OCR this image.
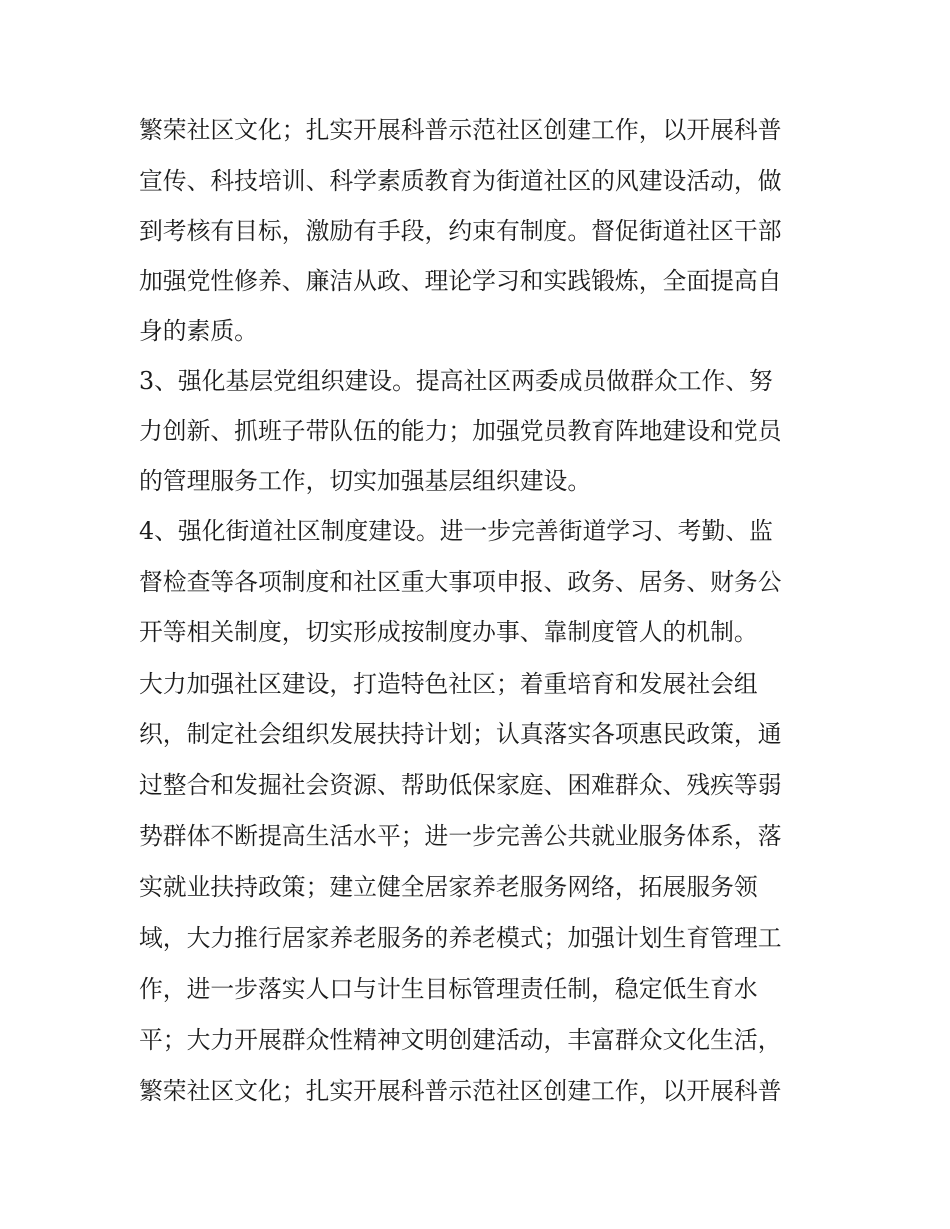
繁荣社区文化；扎实开展科普示范社区创建工作，以开展科普
宣传、科技培训、科学素质教育为街道社区的风建设活动，做
到考核有目标，激励有手段，约束有制度。督促街道社区干部
加强党性修养、廉洁从政、理论学习和实践锻炼，全面提高自
身的素质。
3、强化基层党组织建设。提高社区两委成员做群众工作、努
力创新、抓班子带队伍的能力；加强党员教育阵地建设和党员
的管理服务工作，切实加强基层组织建设。
4、强化街道社区制度建设。进一步完善街道学习、考勤、监
督检查等各项制度和社区重大事项申报、政务、居务、财务公
开等相关制度，切实形成按制度办事、靠制度管人的机制。
大力加强社区建设，打造特色社区；着重培育和发展社会组
织，制定社会组织发展扶持计划；认真落实各项惠民政策，通
过整合和发掘社会资源、帮助低保家庭、困难群众、残疾等弱
势群体不断提高生活水平；进一步完善公共就业服务体系，落
实就业扶持政策；建立健全居家养老服务网络，拓展服务领
域，大力推行居家养老服务的养老模式；加强计划生育管理工
作，进一步落实人口与计生目标管理责任制，稳定低生育水
平；大力开展群众性精神文明创建活动，丰富群众文化生活，
繁荣社区文化；扎实开展科普示范社区创建工作，以开展科普
